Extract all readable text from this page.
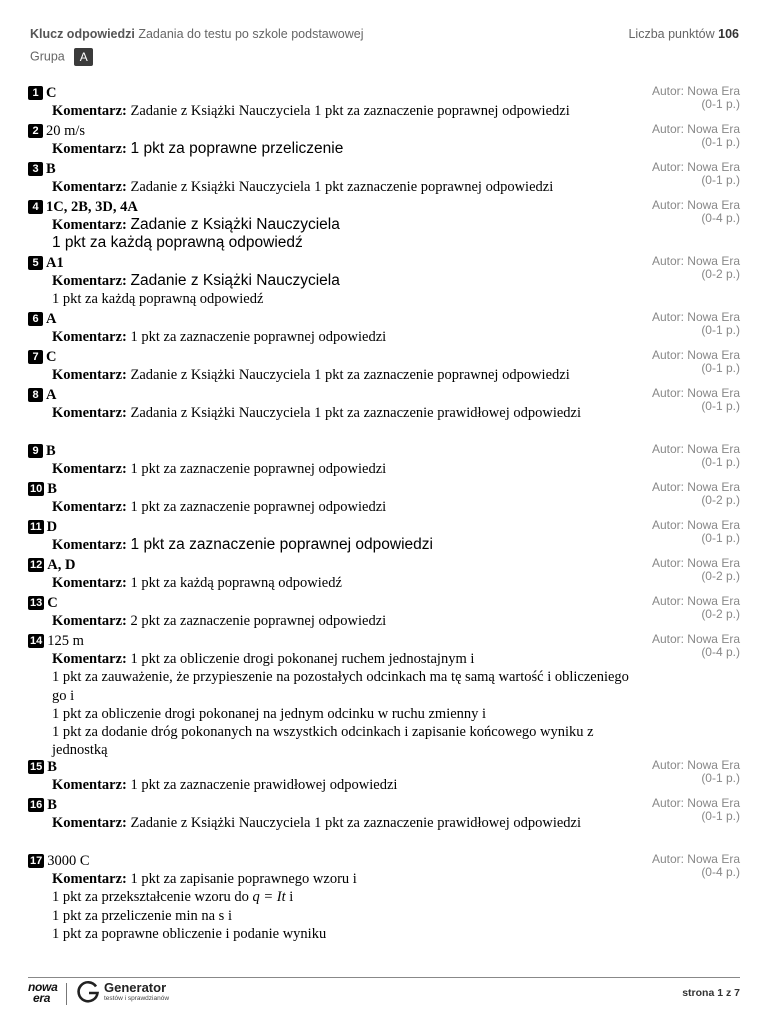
Klucz odpowiedzi Zadania do testu po szkole podstawowej	Liczba punktów 106
Grupa A
1 C
Komentarz: Zadanie z Książki Nauczyciela 1 pkt za zaznaczenie poprawnej odpowiedzi
Autor: Nowa Era
(0-1 p.)
2 20 m/s
Komentarz: 1 pkt za poprawne przeliczenie
Autor: Nowa Era
(0-1 p.)
3 B
Komentarz: Zadanie z Książki Nauczyciela 1 pkt zaznaczenie poprawnej odpowiedzi
Autor: Nowa Era
(0-1 p.)
4 1C, 2B, 3D, 4A
Komentarz: Zadanie z Książki Nauczyciela
1 pkt za każdą poprawną odpowiedź
Autor: Nowa Era
(0-4 p.)
5 A1
Komentarz: Zadanie z Książki Nauczyciela
1 pkt za każdą poprawną odpowiedź
Autor: Nowa Era
(0-2 p.)
6 A
Komentarz: 1 pkt za zaznaczenie poprawnej odpowiedzi
Autor: Nowa Era
(0-1 p.)
7 C
Komentarz: Zadanie z Książki Nauczyciela 1 pkt za zaznaczenie poprawnej odpowiedzi
Autor: Nowa Era
(0-1 p.)
8 A
Komentarz: Zadania z Książki Nauczyciela 1 pkt za zaznaczenie prawidłowej odpowiedzi
Autor: Nowa Era
(0-1 p.)
9 B
Komentarz: 1 pkt za zaznaczenie poprawnej odpowiedzi
Autor: Nowa Era
(0-1 p.)
10 B
Komentarz: 1 pkt za zaznaczenie poprawnej odpowiedzi
Autor: Nowa Era
(0-2 p.)
11 D
Komentarz: 1 pkt za zaznaczenie poprawnej odpowiedzi
Autor: Nowa Era
(0-1 p.)
12 A, D
Komentarz: 1 pkt za każdą poprawną odpowiedź
Autor: Nowa Era
(0-2 p.)
13 C
Komentarz: 2 pkt za zaznaczenie poprawnej odpowiedzi
Autor: Nowa Era
(0-2 p.)
14 125 m
Komentarz: 1 pkt za obliczenie drogi pokonanej ruchem jednostajnym i
1 pkt za zauważenie, że przypieszenie na pozostałych odcinkach ma tę samą wartość i obliczeniego go i
1 pkt za obliczenie drogi pokonanej na jednym odcinku w ruchu zmienny i
1 pkt za dodanie dróg pokonanych na wszystkich odcinkach i zapisanie końcowego wyniku z jednostką
Autor: Nowa Era
(0-4 p.)
15 B
Komentarz: 1 pkt za zaznaczenie prawidłowej odpowiedzi
Autor: Nowa Era
(0-1 p.)
16 B
Komentarz: Zadanie z Książki Nauczyciela 1 pkt za zaznaczenie prawidłowej odpowiedzi
Autor: Nowa Era
(0-1 p.)
17 3000 C
Komentarz: 1 pkt za zapisanie poprawnego wzoru i
1 pkt za przekształcenie wzoru do q = It i
1 pkt za przeliczenie min na s i
1 pkt za poprawne obliczenie i podanie wyniku
Autor: Nowa Era
(0-4 p.)
nowa
era
Generator
testów i sprawdzianów	strona 1 z 7
